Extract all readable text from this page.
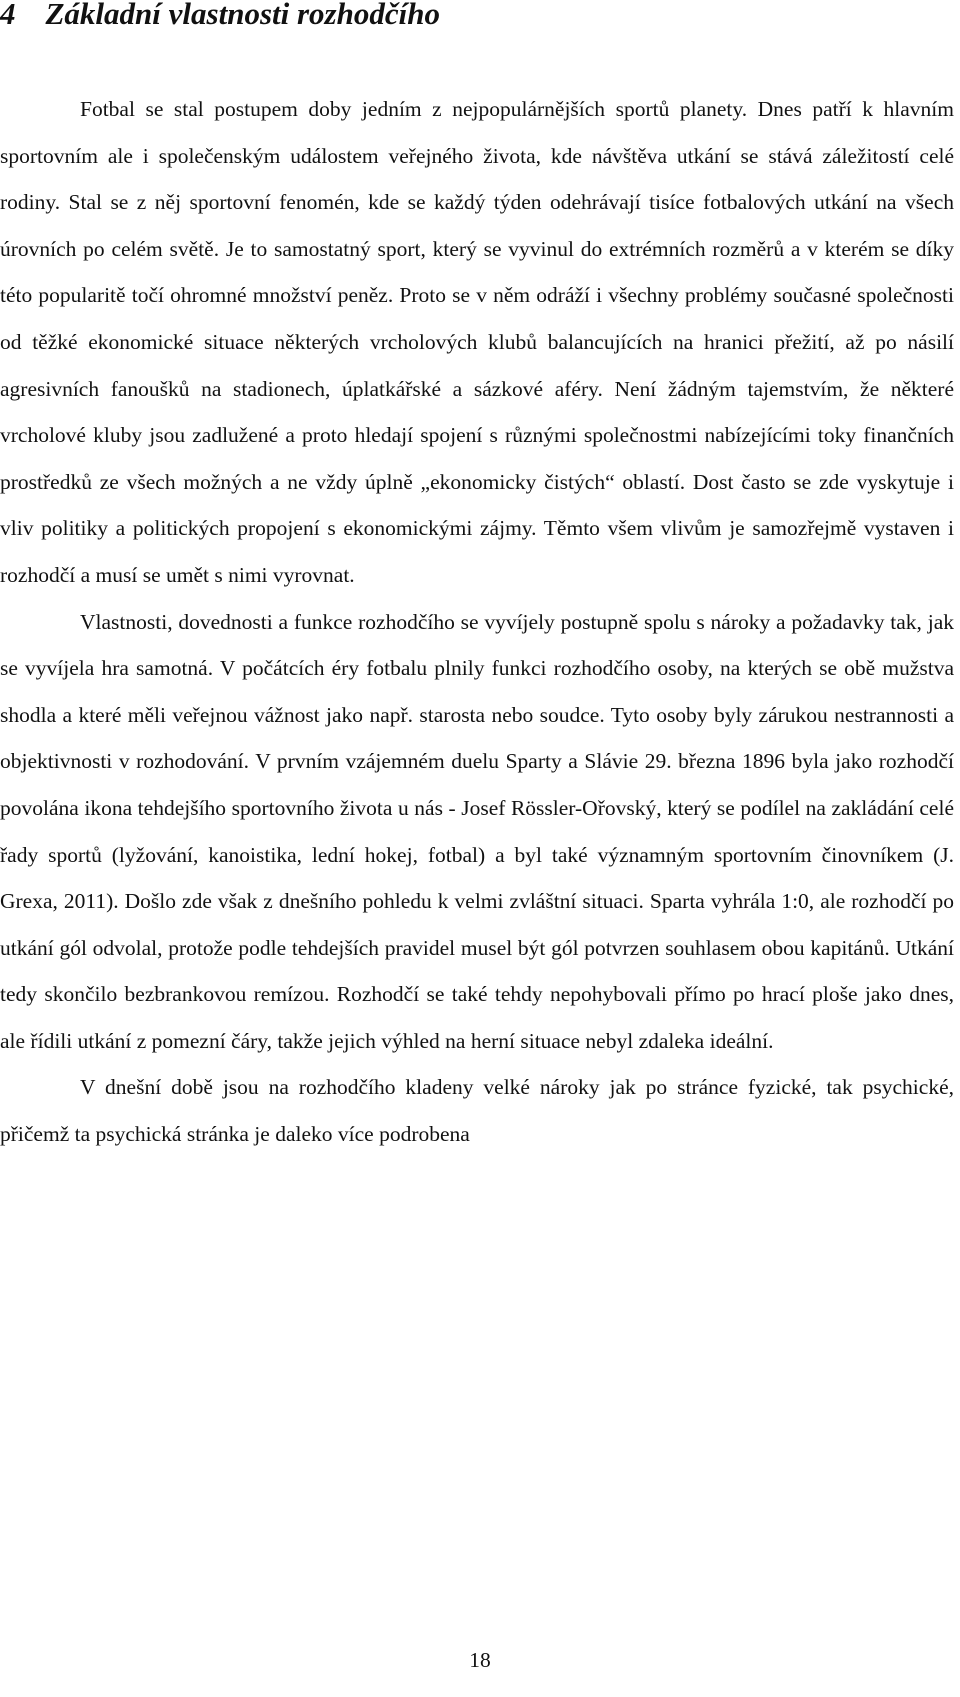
4 Základní vlastnosti rozhodčího

Fotbal se stal postupem doby jedním z nejpopulárnějších sportů planety. Dnes patří k hlavním sportovním ale i společenským událostem veřejného života, kde návštěva utkání se stává záležitostí celé rodiny. Stal se z něj sportovní fenomén, kde se každý týden odehrávají tisíce fotbalových utkání na všech úrovních po celém světě. Je to samostatný sport, který se vyvinul do extrémních rozměrů a v kterém se díky této popularitě točí ohromné množství peněz. Proto se v něm odráží i všechny problémy současné společnosti od těžké ekonomické situace některých vrcholových klubů balancujících na hranici přežití, až po násilí agresivních fanoušků na stadionech, úplatkářské a sázkové aféry. Není žádným tajemstvím, že některé vrcholové kluby jsou zadlužené a proto hledají spojení s různými společnostmi nabízejícími toky finančních prostředků ze všech možných a ne vždy úplně „ekonomicky čistých“ oblastí. Dost často se zde vyskytuje i vliv politiky a politických propojení s ekonomickými zájmy. Těmto všem vlivům je samozřejmě vystaven i rozhodčí a musí se umět s nimi vyrovnat.

Vlastnosti, dovednosti a funkce rozhodčího se vyvíjely postupně spolu s nároky a požadavky tak, jak se vyvíjela hra samotná. V počátcích éry fotbalu plnily funkci rozhodčího osoby, na kterých se obě mužstva shodla a které měli veřejnou vážnost jako např. starosta nebo soudce. Tyto osoby byly zárukou nestrannosti a objektivnosti v rozhodování. V prvním vzájemném duelu Sparty a Slávie 29. března 1896 byla jako rozhodčí povolána ikona tehdejšího sportovního života u nás - Josef Rössler-Ořovský, který se podílel na zakládání celé řady sportů (lyžování, kanoistika, lední hokej, fotbal) a byl také významným sportovním činovníkem (J. Grexa, 2011). Došlo zde však z dnešního pohledu k velmi zvláštní situaci. Sparta vyhrála 1:0, ale rozhodčí po utkání gól odvolal, protože podle tehdejších pravidel musel být gól potvrzen souhlasem obou kapitánů. Utkání tedy skončilo bezbrankovou remízou. Rozhodčí se také tehdy nepohybovali přímo po hrací ploše jako dnes, ale řídili utkání z pomezní čáry, takže jejich výhled na herní situace nebyl zdaleka ideální.

V dnešní době jsou na rozhodčího kladeny velké nároky jak po stránce fyzické, tak psychické, přičemž ta psychická stránka je daleko více podrobena

18
